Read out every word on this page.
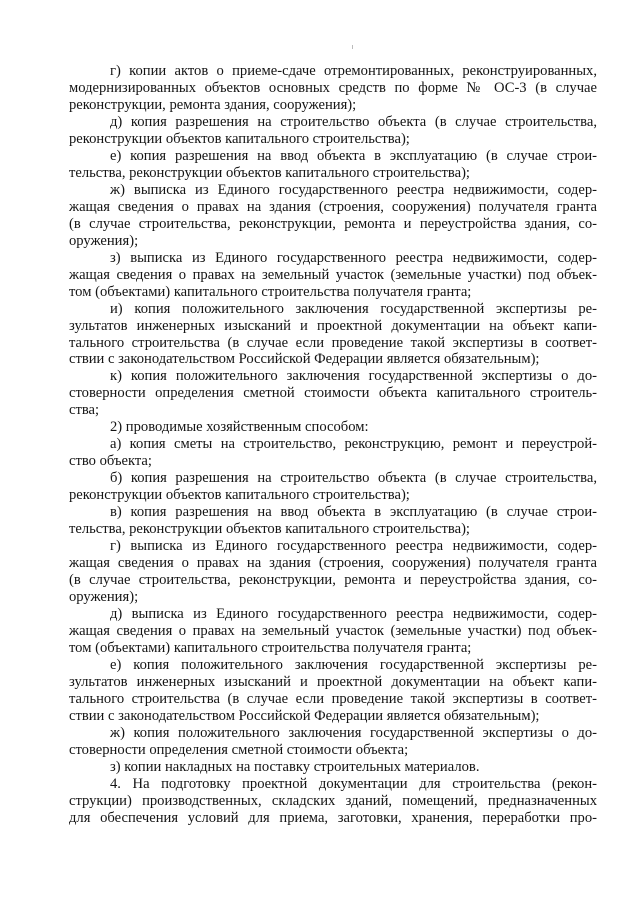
г) копии актов о приеме-сдаче отремонтированных, реконструированных,
модернизированных объектов основных средств по форме № ОС-3 (в случае
реконструкции, ремонта здания, сооружения);
д) копия разрешения на строительство объекта (в случае строительства,
реконструкции объектов капитального строительства);
е) копия разрешения на ввод объекта в эксплуатацию (в случае строи-
тельства, реконструкции объектов капитального строительства);
ж) выписка из Единого государственного реестра недвижимости, содер-
жащая сведения о правах на здания (строения, сооружения) получателя гранта
(в случае строительства, реконструкции, ремонта и переустройства здания, со-
оружения);
з) выписка из Единого государственного реестра недвижимости, содер-
жащая сведения о правах на земельный участок (земельные участки) под объек-
том (объектами) капитального строительства получателя гранта;
и) копия положительного заключения государственной экспертизы ре-
зультатов инженерных изысканий и проектной документации на объект капи-
тального строительства (в случае если проведение такой экспертизы в соответ-
ствии с законодательством Российской Федерации является обязательным);
к) копия положительного заключения государственной экспертизы о до-
стоверности определения сметной стоимости объекта капитального строитель-
ства;
2) проводимые хозяйственным способом:
а) копия сметы на строительство, реконструкцию, ремонт и переустрой-
ство объекта;
б) копия разрешения на строительство объекта (в случае строительства,
реконструкции объектов капитального строительства);
в) копия разрешения на ввод объекта в эксплуатацию (в случае строи-
тельства, реконструкции объектов капитального строительства);
г) выписка из Единого государственного реестра недвижимости, содер-
жащая сведения о правах на здания (строения, сооружения) получателя гранта
(в случае строительства, реконструкции, ремонта и переустройства здания, со-
оружения);
д) выписка из Единого государственного реестра недвижимости, содер-
жащая сведения о правах на земельный участок (земельные участки) под объек-
том (объектами) капитального строительства получателя гранта;
е) копия положительного заключения государственной экспертизы ре-
зультатов инженерных изысканий и проектной документации на объект капи-
тального строительства (в случае если проведение такой экспертизы в соответ-
ствии с законодательством Российской Федерации является обязательным);
ж) копия положительного заключения государственной экспертизы о до-
стоверности определения сметной стоимости объекта;
з) копии накладных на поставку строительных материалов.
4. На подготовку проектной документации для строительства (рекон-
струкции) производственных, складских зданий, помещений, предназначенных
для обеспечения условий для приема, заготовки, хранения, переработки про-
